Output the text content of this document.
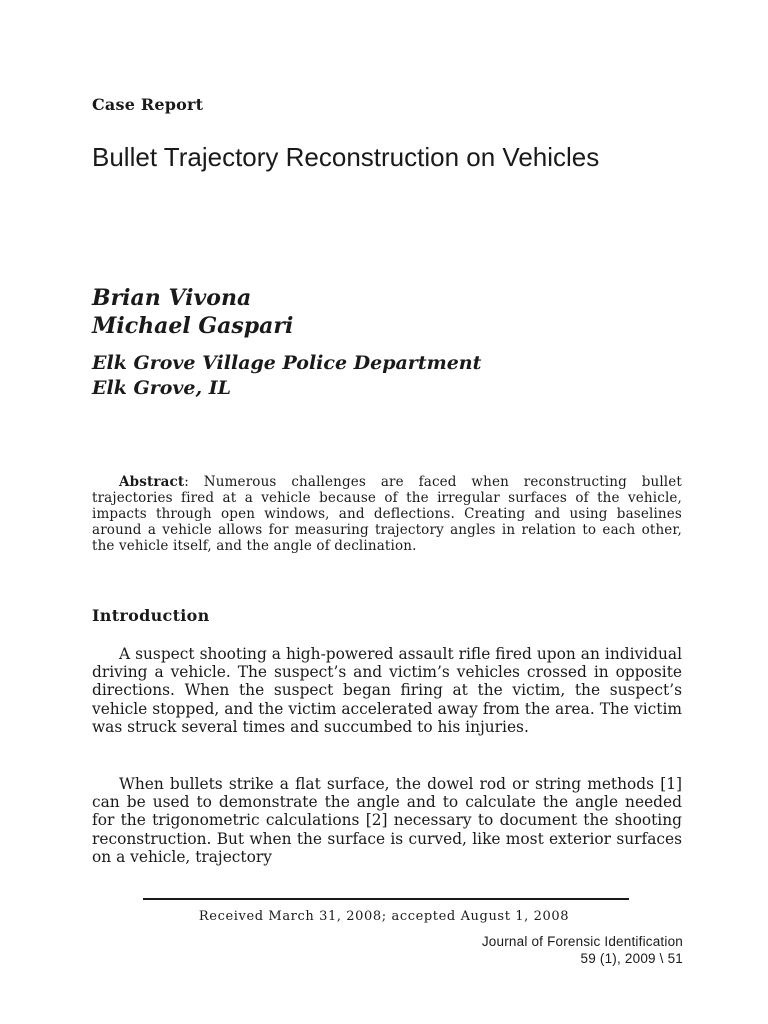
Case Report
Bullet Trajectory Reconstruction on Vehicles
Brian Vivona
Michael Gaspari
Elk Grove Village Police Department
Elk Grove, IL

Abstract: Numerous challenges are faced when reconstructing bullet trajectories fired at a vehicle because of the irregular surfaces of the vehicle, impacts through open windows, and deflections. Creating and using baselines around a vehicle allows for measuring trajectory angles in relation to each other, the vehicle itself, and the angle of declination.

Introduction

A suspect shooting a high-powered assault rifle fired upon an individual driving a vehicle. The suspect’s and victim’s vehicles crossed in opposite directions. When the suspect began firing at the victim, the suspect’s vehicle stopped, and the victim accelerated away from the area. The victim was struck several times and succumbed to his injuries.

When bullets strike a flat surface, the dowel rod or string methods [1] can be used to demonstrate the angle and to calculate the angle needed for the trigonometric calculations [2] necessary to document the shooting reconstruction. But when the surface is curved, like most exterior surfaces on a vehicle, trajectory

Received March 31, 2008; accepted August 1, 2008
Journal of Forensic Identification
59 (1), 2009 \ 51
